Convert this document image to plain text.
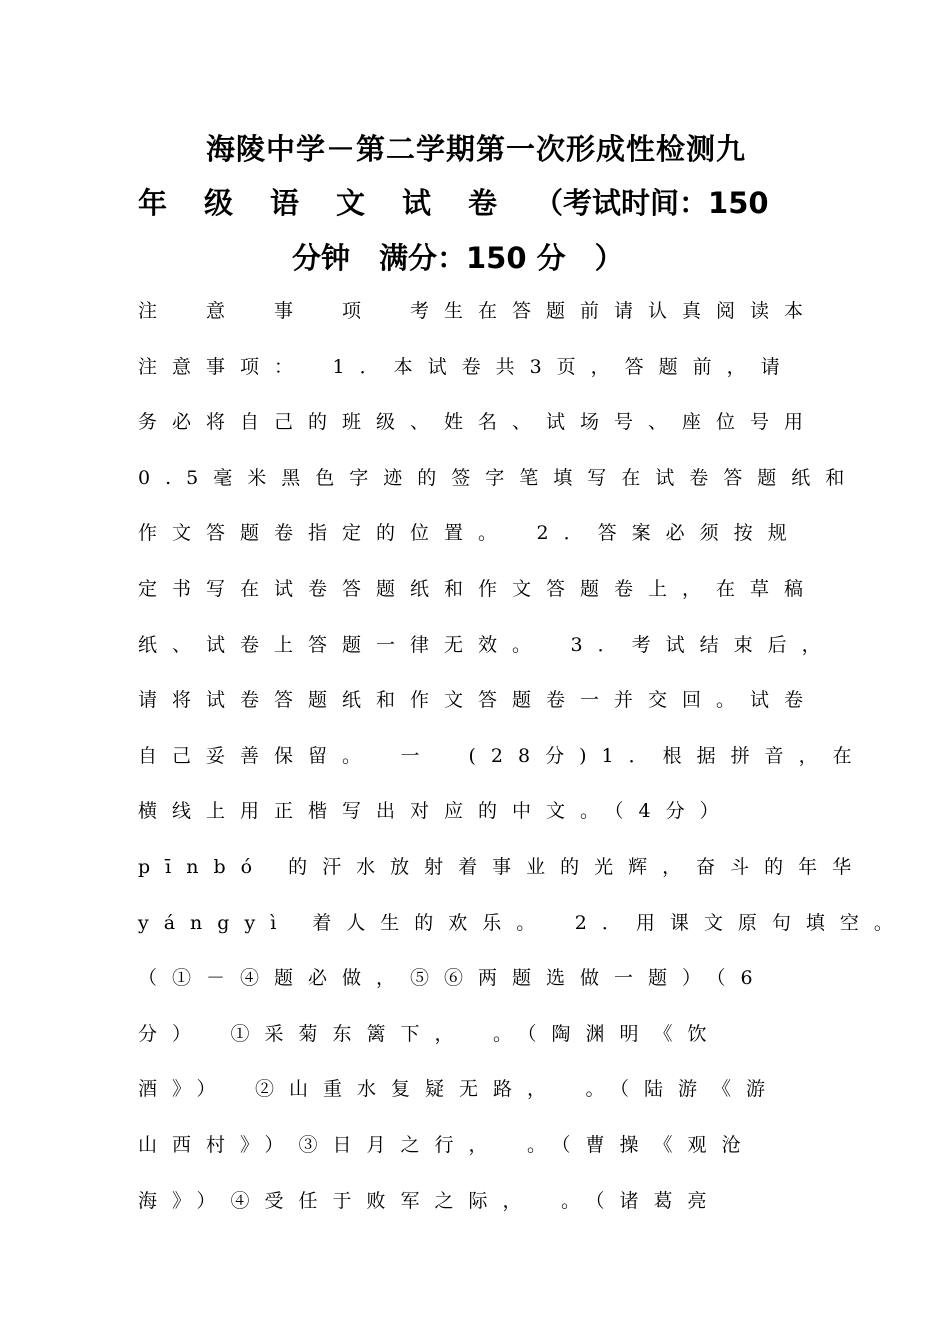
海陵中学－第二学期第一次形成性检测九
年级语文试卷（考试时间：150
分钟　满分：150 分　）
注　意　事　项　考生在答题前请认真阅读本
注意事项：　1．本试卷共3页，答题前，请
务必将自己的班级、姓名、试场号、座位号用
0.5毫米黑色字迹的签字笔填写在试卷答题纸和
作文答题卷指定的位置。　2．答案必须按规
定书写在试卷答题纸和作文答题卷上，在草稿
纸、试卷上答题一律无效。　3．考试结束后，
请将试卷答题纸和作文答题卷一并交回。试卷
自己妥善保留。　一　(28分)1．根据拼音，在
横线上用正楷写出对应的中文。（4分）
pīnbó 的汗水放射着事业的光辉，奋斗的年华
yángyì 着人生的欢乐。　2．用课文原句填空。
（①－④题必做，⑤⑥两题选做一题）（6
分）　①采菊东篱下，　。（陶渊明《饮
酒》）　②山重水复疑无路，　。（陆游《游
山西村》）③日月之行，　。（曹操《观沧
海》）④受任于败军之际，　。（诸葛亮
